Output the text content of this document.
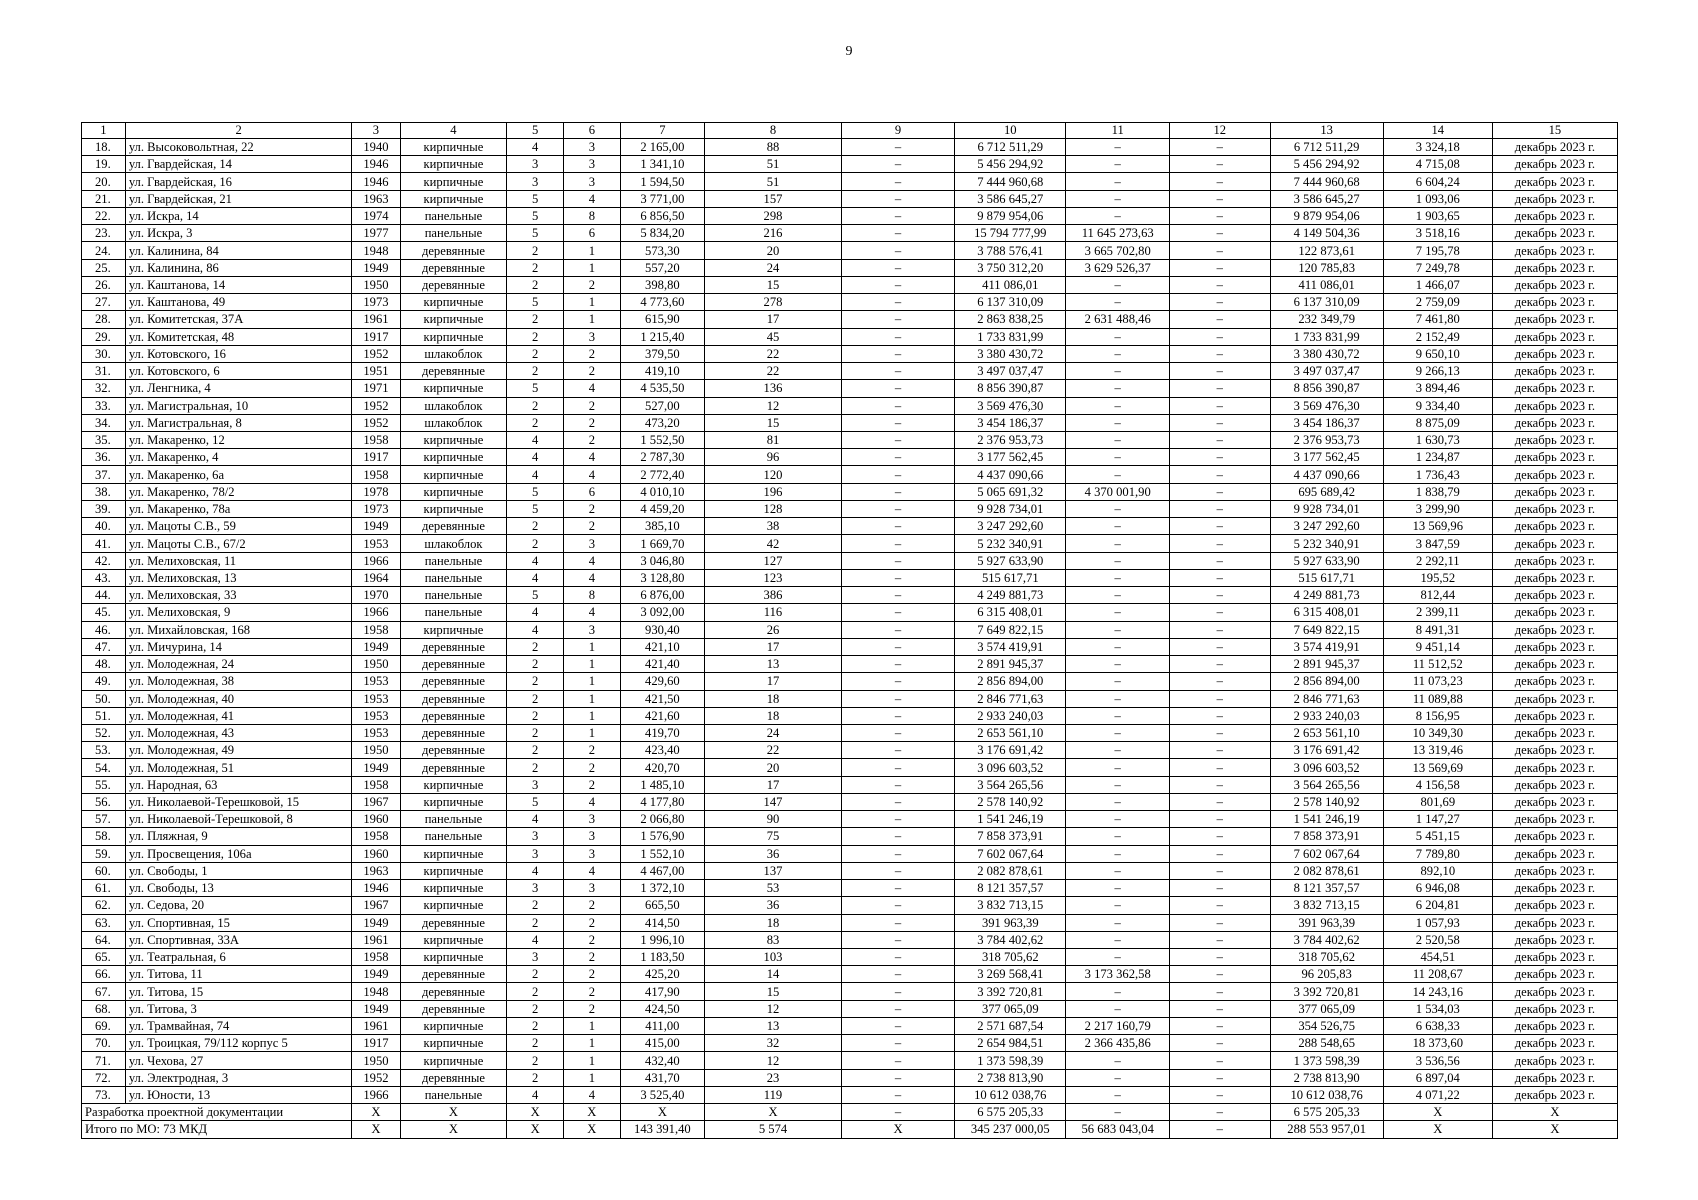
9
1	2	3	4	5	6	7	8	9	10	11	12	13	14	15
18.	ул. Высоковольтная, 22	1940	кирпичные	4	3	2 165,00	88	–	6 712 511,29	–	–	6 712 511,29	3 324,18	декабрь 2023 г.
19.	ул. Гвардейская, 14	1946	кирпичные	3	3	1 341,10	51	–	5 456 294,92	–	–	5 456 294,92	4 715,08	декабрь 2023 г.
20.	ул. Гвардейская, 16	1946	кирпичные	3	3	1 594,50	51	–	7 444 960,68	–	–	7 444 960,68	6 604,24	декабрь 2023 г.
21.	ул. Гвардейская, 21	1963	кирпичные	5	4	3 771,00	157	–	3 586 645,27	–	–	3 586 645,27	1 093,06	декабрь 2023 г.
22.	ул. Искра, 14	1974	панельные	5	8	6 856,50	298	–	9 879 954,06	–	–	9 879 954,06	1 903,65	декабрь 2023 г.
23.	ул. Искра, 3	1977	панельные	5	6	5 834,20	216	–	15 794 777,99	11 645 273,63	–	4 149 504,36	3 518,16	декабрь 2023 г.
24.	ул. Калинина, 84	1948	деревянные	2	1	573,30	20	–	3 788 576,41	3 665 702,80	–	122 873,61	7 195,78	декабрь 2023 г.
25.	ул. Калинина, 86	1949	деревянные	2	1	557,20	24	–	3 750 312,20	3 629 526,37	–	120 785,83	7 249,78	декабрь 2023 г.
26.	ул. Каштанова, 14	1950	деревянные	2	2	398,80	15	–	411 086,01	–	–	411 086,01	1 466,07	декабрь 2023 г.
27.	ул. Каштанова, 49	1973	кирпичные	5	1	4 773,60	278	–	6 137 310,09	–	–	6 137 310,09	2 759,09	декабрь 2023 г.
28.	ул. Комитетская, 37А	1961	кирпичные	2	1	615,90	17	–	2 863 838,25	2 631 488,46	–	232 349,79	7 461,80	декабрь 2023 г.
29.	ул. Комитетская, 48	1917	кирпичные	2	3	1 215,40	45	–	1 733 831,99	–	–	1 733 831,99	2 152,49	декабрь 2023 г.
30.	ул. Котовского, 16	1952	шлакоблок	2	2	379,50	22	–	3 380 430,72	–	–	3 380 430,72	9 650,10	декабрь 2023 г.
31.	ул. Котовского, 6	1951	деревянные	2	2	419,10	22	–	3 497 037,47	–	–	3 497 037,47	9 266,13	декабрь 2023 г.
32.	ул. Ленгника, 4	1971	кирпичные	5	4	4 535,50	136	–	8 856 390,87	–	–	8 856 390,87	3 894,46	декабрь 2023 г.
33.	ул. Магистральная, 10	1952	шлакоблок	2	2	527,00	12	–	3 569 476,30	–	–	3 569 476,30	9 334,40	декабрь 2023 г.
34.	ул. Магистральная, 8	1952	шлакоблок	2	2	473,20	15	–	3 454 186,37	–	–	3 454 186,37	8 875,09	декабрь 2023 г.
35.	ул. Макаренко, 12	1958	кирпичные	4	2	1 552,50	81	–	2 376 953,73	–	–	2 376 953,73	1 630,73	декабрь 2023 г.
36.	ул. Макаренко, 4	1917	кирпичные	4	4	2 787,30	96	–	3 177 562,45	–	–	3 177 562,45	1 234,87	декабрь 2023 г.
37.	ул. Макаренко, 6а	1958	кирпичные	4	4	2 772,40	120	–	4 437 090,66	–	–	4 437 090,66	1 736,43	декабрь 2023 г.
38.	ул. Макаренко, 78/2	1978	кирпичные	5	6	4 010,10	196	–	5 065 691,32	4 370 001,90	–	695 689,42	1 838,79	декабрь 2023 г.
39.	ул. Макаренко, 78а	1973	кирпичные	5	2	4 459,20	128	–	9 928 734,01	–	–	9 928 734,01	3 299,90	декабрь 2023 г.
40.	ул. Мацоты С.В., 59	1949	деревянные	2	2	385,10	38	–	3 247 292,60	–	–	3 247 292,60	13 569,96	декабрь 2023 г.
41.	ул. Мацоты С.В., 67/2	1953	шлакоблок	2	3	1 669,70	42	–	5 232 340,91	–	–	5 232 340,91	3 847,59	декабрь 2023 г.
42.	ул. Мелиховская, 11	1966	панельные	4	4	3 046,80	127	–	5 927 633,90	–	–	5 927 633,90	2 292,11	декабрь 2023 г.
43.	ул. Мелиховская, 13	1964	панельные	4	4	3 128,80	123	–	515 617,71	–	–	515 617,71	195,52	декабрь 2023 г.
44.	ул. Мелиховская, 33	1970	панельные	5	8	6 876,00	386	–	4 249 881,73	–	–	4 249 881,73	812,44	декабрь 2023 г.
45.	ул. Мелиховская, 9	1966	панельные	4	4	3 092,00	116	–	6 315 408,01	–	–	6 315 408,01	2 399,11	декабрь 2023 г.
46.	ул. Михайловская, 168	1958	кирпичные	4	3	930,40	26	–	7 649 822,15	–	–	7 649 822,15	8 491,31	декабрь 2023 г.
47.	ул. Мичурина, 14	1949	деревянные	2	1	421,10	17	–	3 574 419,91	–	–	3 574 419,91	9 451,14	декабрь 2023 г.
48.	ул. Молодежная, 24	1950	деревянные	2	1	421,40	13	–	2 891 945,37	–	–	2 891 945,37	11 512,52	декабрь 2023 г.
49.	ул. Молодежная, 38	1953	деревянные	2	1	429,60	17	–	2 856 894,00	–	–	2 856 894,00	11 073,23	декабрь 2023 г.
50.	ул. Молодежная, 40	1953	деревянные	2	1	421,50	18	–	2 846 771,63	–	–	2 846 771,63	11 089,88	декабрь 2023 г.
51.	ул. Молодежная, 41	1953	деревянные	2	1	421,60	18	–	2 933 240,03	–	–	2 933 240,03	8 156,95	декабрь 2023 г.
52.	ул. Молодежная, 43	1953	деревянные	2	1	419,70	24	–	2 653 561,10	–	–	2 653 561,10	10 349,30	декабрь 2023 г.
53.	ул. Молодежная, 49	1950	деревянные	2	2	423,40	22	–	3 176 691,42	–	–	3 176 691,42	13 319,46	декабрь 2023 г.
54.	ул. Молодежная, 51	1949	деревянные	2	2	420,70	20	–	3 096 603,52	–	–	3 096 603,52	13 569,69	декабрь 2023 г.
55.	ул. Народная, 63	1958	кирпичные	3	2	1 485,10	17	–	3 564 265,56	–	–	3 564 265,56	4 156,58	декабрь 2023 г.
56.	ул. Николаевой-Терешковой, 15	1967	кирпичные	5	4	4 177,80	147	–	2 578 140,92	–	–	2 578 140,92	801,69	декабрь 2023 г.
57.	ул. Николаевой-Терешковой, 8	1960	панельные	4	3	2 066,80	90	–	1 541 246,19	–	–	1 541 246,19	1 147,27	декабрь 2023 г.
58.	ул. Пляжная, 9	1958	панельные	3	3	1 576,90	75	–	7 858 373,91	–	–	7 858 373,91	5 451,15	декабрь 2023 г.
59.	ул. Просвещения, 106а	1960	кирпичные	3	3	1 552,10	36	–	7 602 067,64	–	–	7 602 067,64	7 789,80	декабрь 2023 г.
60.	ул. Свободы, 1	1963	кирпичные	4	4	4 467,00	137	–	2 082 878,61	–	–	2 082 878,61	892,10	декабрь 2023 г.
61.	ул. Свободы, 13	1946	кирпичные	3	3	1 372,10	53	–	8 121 357,57	–	–	8 121 357,57	6 946,08	декабрь 2023 г.
62.	ул. Седова, 20	1967	кирпичные	2	2	665,50	36	–	3 832 713,15	–	–	3 832 713,15	6 204,81	декабрь 2023 г.
63.	ул. Спортивная, 15	1949	деревянные	2	2	414,50	18	–	391 963,39	–	–	391 963,39	1 057,93	декабрь 2023 г.
64.	ул. Спортивная, 33А	1961	кирпичные	4	2	1 996,10	83	–	3 784 402,62	–	–	3 784 402,62	2 520,58	декабрь 2023 г.
65.	ул. Театральная, 6	1958	кирпичные	3	2	1 183,50	103	–	318 705,62	–	–	318 705,62	454,51	декабрь 2023 г.
66.	ул. Титова, 11	1949	деревянные	2	2	425,20	14	–	3 269 568,41	3 173 362,58	–	96 205,83	11 208,67	декабрь 2023 г.
67.	ул. Титова, 15	1948	деревянные	2	2	417,90	15	–	3 392 720,81	–	–	3 392 720,81	14 243,16	декабрь 2023 г.
68.	ул. Титова, 3	1949	деревянные	2	2	424,50	12	–	377 065,09	–	–	377 065,09	1 534,03	декабрь 2023 г.
69.	ул. Трамвайная, 74	1961	кирпичные	2	1	411,00	13	–	2 571 687,54	2 217 160,79	–	354 526,75	6 638,33	декабрь 2023 г.
70.	ул. Троицкая, 79/112 корпус 5	1917	кирпичные	2	1	415,00	32	–	2 654 984,51	2 366 435,86	–	288 548,65	18 373,60	декабрь 2023 г.
71.	ул. Чехова, 27	1950	кирпичные	2	1	432,40	12	–	1 373 598,39	–	–	1 373 598,39	3 536,56	декабрь 2023 г.
72.	ул. Электродная, 3	1952	деревянные	2	1	431,70	23	–	2 738 813,90	–	–	2 738 813,90	6 897,04	декабрь 2023 г.
73.	ул. Юности, 13	1966	панельные	4	4	3 525,40	119	–	10 612 038,76	–	–	10 612 038,76	4 071,22	декабрь 2023 г.
Разработка проектной документации		X	X	X	X	X	X	–	6 575 205,33	–	–	6 575 205,33	X	X
Итого по МО: 73 МКД		X	X	X	X	143 391,40	5 574	X	345 237 000,05	56 683 043,04	–	288 553 957,01	X	X
